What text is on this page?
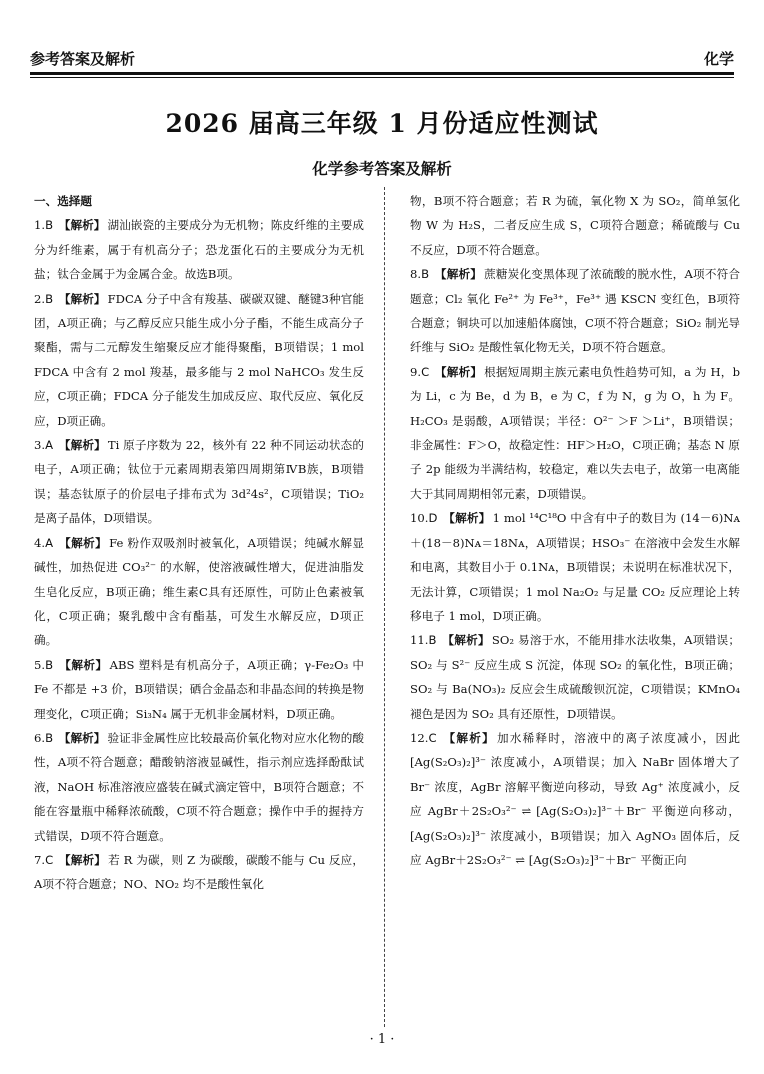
参考答案及解析	化学
2026 届高三年级 1 月份适应性测试
化学参考答案及解析
一、选择题

1.B 【解析】 湖汕嵌瓷的主要成分为无机物；陈皮纤维的主要成分为纤维素，属于有机高分子；恐龙蛋化石的主要成分为无机盐；钛合金属于为金属合金。故选B项。

2.B 【解析】 FDCA 分子中含有羧基、碳碳双键、醚键3种官能团，A项正确；与乙醇反应只能生成小分子酯，不能生成高分子聚酯，需与二元醇发生缩聚反应才能得聚酯，B项错误；1 mol FDCA 中含有 2 mol 羧基，最多能与 2 mol NaHCO₃ 发生反应，C项正确；FDCA 分子能发生加成反应、取代反应、氧化反应，D项正确。

3.A 【解析】 Ti 原子序数为 22，核外有 22 种不同运动状态的电子，A项正确；钛位于元素周期表第四周期第ⅣB族，B项错误；基态钛原子的价层电子排布式为 3d²4s²，C项错误；TiO₂ 是离子晶体，D项错误。

4.A 【解析】 Fe 粉作双吸剂时被氧化，A项错误；纯碱水解显碱性，加热促进 CO₃²⁻ 的水解，使溶液碱性增大，促进油脂发生皂化反应，B项正确；维生素C具有还原性，可防止色素被氧化，C项正确；聚乳酸中含有酯基，可发生水解反应，D项正确。

5.B 【解析】 ABS 塑料是有机高分子，A项正确；γ-Fe₂O₃ 中 Fe 不都是 +3 价，B项错误；硒合金晶态和非晶态间的转换是物理变化，C项正确；Si₃N₄ 属于无机非金属材料，D项正确。

6.B 【解析】 验证非金属性应比较最高价氧化物对应水化物的酸性，A项不符合题意；醋酸钠溶液显碱性，指示剂应选择酚酞试液，NaOH 标准溶液应盛装在碱式滴定管中，B项符合题意；不能在容量瓶中稀释浓硫酸，C项不符合题意；操作中手的握持方式错误，D项不符合题意。

7.C 【解析】 若 R 为碳，则 Z 为碳酸，碳酸不能与 Cu 反应，A项不符合题意；NO、NO₂ 均不是酸性氧化

物，B项不符合题意；若 R 为硫，氧化物 X 为 SO₂，简单氢化物 W 为 H₂S，二者反应生成 S，C项符合题意；稀硫酸与 Cu 不反应，D项不符合题意。

8.B 【解析】 蔗糖炭化变黑体现了浓硫酸的脱水性，A项不符合题意；Cl₂ 氧化 Fe²⁺ 为 Fe³⁺，Fe³⁺ 遇 KSCN 变红色，B项符合题意；铜块可以加速船体腐蚀，C项不符合题意；SiO₂ 制光导纤维与 SiO₂ 是酸性氧化物无关，D项不符合题意。

9.C 【解析】 根据短周期主族元素电负性趋势可知，a 为 H，b 为 Li，c 为 Be，d 为 B，e 为 C，f 为 N，g 为 O，h 为 F。H₂CO₃ 是弱酸，A项错误；半径：O²⁻ ＞F ＞Li⁺，B项错误；非金属性：F＞O，故稳定性：HF＞H₂O，C项正确；基态 N 原子 2p 能级为半满结构，较稳定，难以失去电子，故第一电离能大于其同周期相邻元素，D项错误。

10.D 【解析】 1 mol ¹⁴C¹⁸O 中含有中子的数目为 (14－6)Nᴀ＋(18－8)Nᴀ＝18Nᴀ，A项错误；HSO₃⁻ 在溶液中会发生水解和电离，其数目小于 0.1Nᴀ，B项错误；未说明在标准状况下，无法计算，C项错误；1 mol Na₂O₂ 与足量 CO₂ 反应理论上转移电子 1 mol，D项正确。

11.B 【解析】 SO₂ 易溶于水，不能用排水法收集，A项错误；SO₂ 与 S²⁻ 反应生成 S 沉淀，体现 SO₂ 的氧化性，B项正确；SO₂ 与 Ba(NO₃)₂ 反应会生成硫酸钡沉淀，C项错误；KMnO₄ 褪色是因为 SO₂ 具有还原性，D项错误。

12.C 【解析】 加水稀释时，溶液中的离子浓度减小，因此 [Ag(S₂O₃)₂]³⁻ 浓度减小，A项错误；加入 NaBr 固体增大了 Br⁻ 浓度，AgBr 溶解平衡逆向移动，导致 Ag⁺ 浓度减小，反应 AgBr＋2S₂O₃²⁻ ⇌ [Ag(S₂O₃)₂]³⁻＋Br⁻ 平衡逆向移动，[Ag(S₂O₃)₂]³⁻ 浓度减小，B项错误；加入 AgNO₃ 固体后，反应 AgBr＋2S₂O₃²⁻ ⇌ [Ag(S₂O₃)₂]³⁻＋Br⁻ 平衡正向

· 1 ·
